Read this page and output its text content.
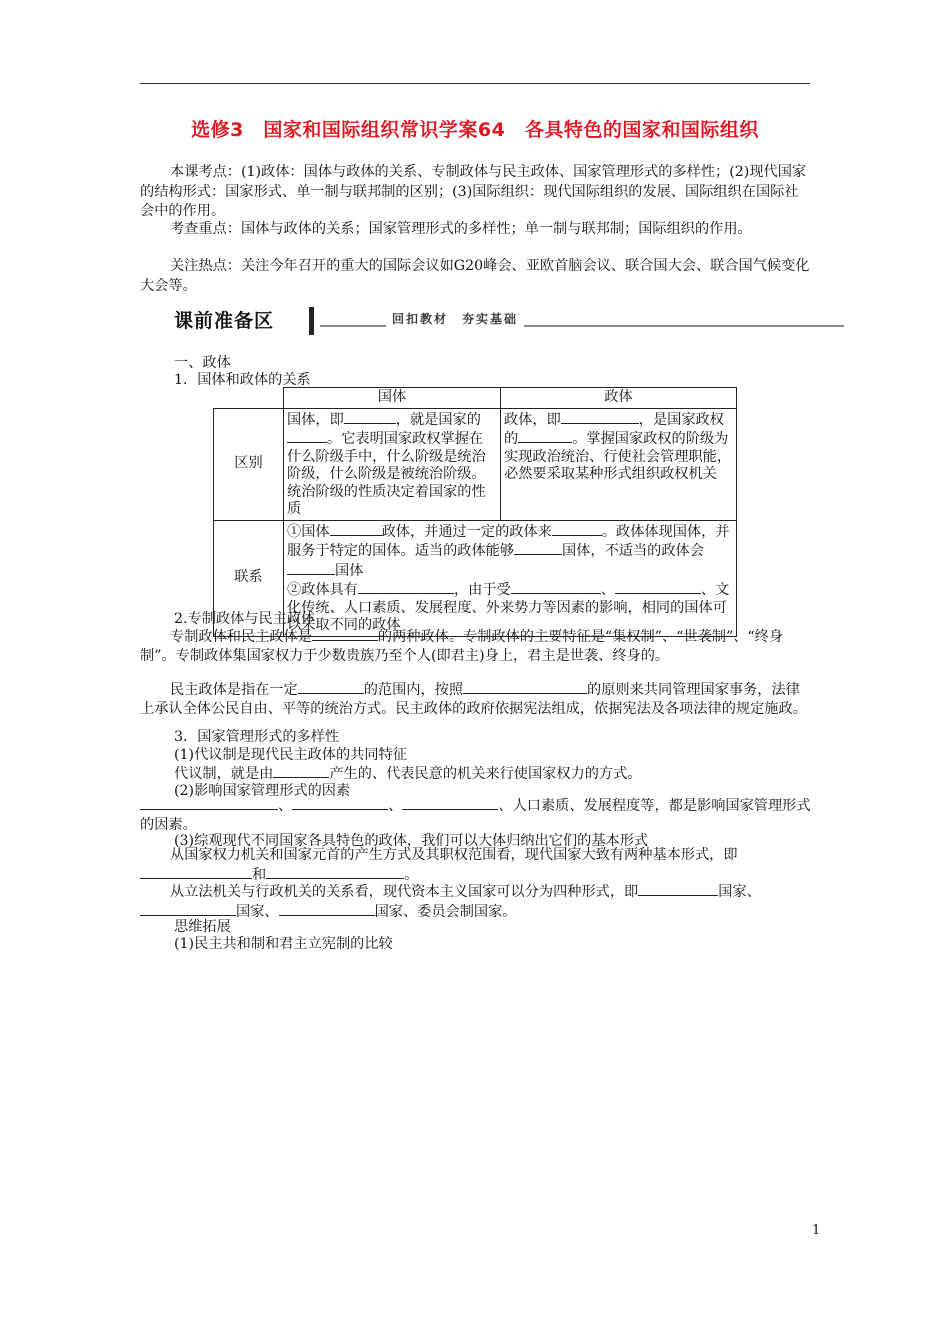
选修3　国家和国际组织常识学案64　各具特色的国家和国际组织
本课考点：(1)政体：国体与政体的关系、专制政体与民主政体、国家管理形式的多样性；(2)现代国家的结构形式：国家形式、单一制与联邦制的区别；(3)国际组织：现代国际组织的发展、国际组织在国际社会中的作用。
考查重点：国体与政体的关系；国家管理形式的多样性；单一制与联邦制；国际组织的作用。
关注热点：关注今年召开的重大的国际会议如G20峰会、亚欧首脑会议、联合国大会、联合国气候变化大会等。
课前准备区	回扣教材　夯实基础
一、政体
1．国体和政体的关系
	国体	政体
区别	国体，即 ，就是国家的。它表明国家政权掌握在什么阶级手中，什么阶级是统治阶级，什么阶级是被统治阶级。统治阶级的性质决定着国家的性质	政体，即 ，是国家政权的 。掌握国家政权的阶级为实现政治统治、行使社会管理职能，必然要采取某种形式组织政权机关
联系	①国体 政体，并通过一定的政体来 。政体体现国体，并服务于特定的国体。适当的政体能够 国体，不适当的政体会国体
②政体具有 ，由于受 、 、文化传统、人口素质、发展程度、外来势力等因素的影响，相同的国体可以采取不同的政体	
2.专制政体与民主政体
专制政体和民主政体是	的两种政体。专制政体的主要特征是“集权制”、“世袭制”、“终身制”。专制政体集国家权力于少数贵族乃至个人(即君主)身上，君主是世袭、终身的。
民主政体是指在一定	的范围内，按照	的原则来共同管理国家事务，法律上承认全体公民自由、平等的统治方式。民主政体的政府依据宪法组成，依据宪法及各项法律的规定施政。
3．国家管理形式的多样性
(1)代议制是现代民主政体的共同特征
代议制，就是由	产生的、代表民意的机关来行使国家权力的方式。
(2)影响国家管理形式的因素
、	、	、人口素质、发展程度等，都是影响国家管理形式的因素。
(3)综观现代不同国家各具特色的政体，我们可以大体归纳出它们的基本形式
从国家权力机关和国家元首的产生方式及其职权范围看，现代国家大致有两种基本形式，即和	。
从立法机关与行政机关的关系看，现代资本主义国家可以分为四种形式，即	国家、国家、	国家、委员会制国家。
思维拓展
(1)民主共和制和君主立宪制的比较
1
